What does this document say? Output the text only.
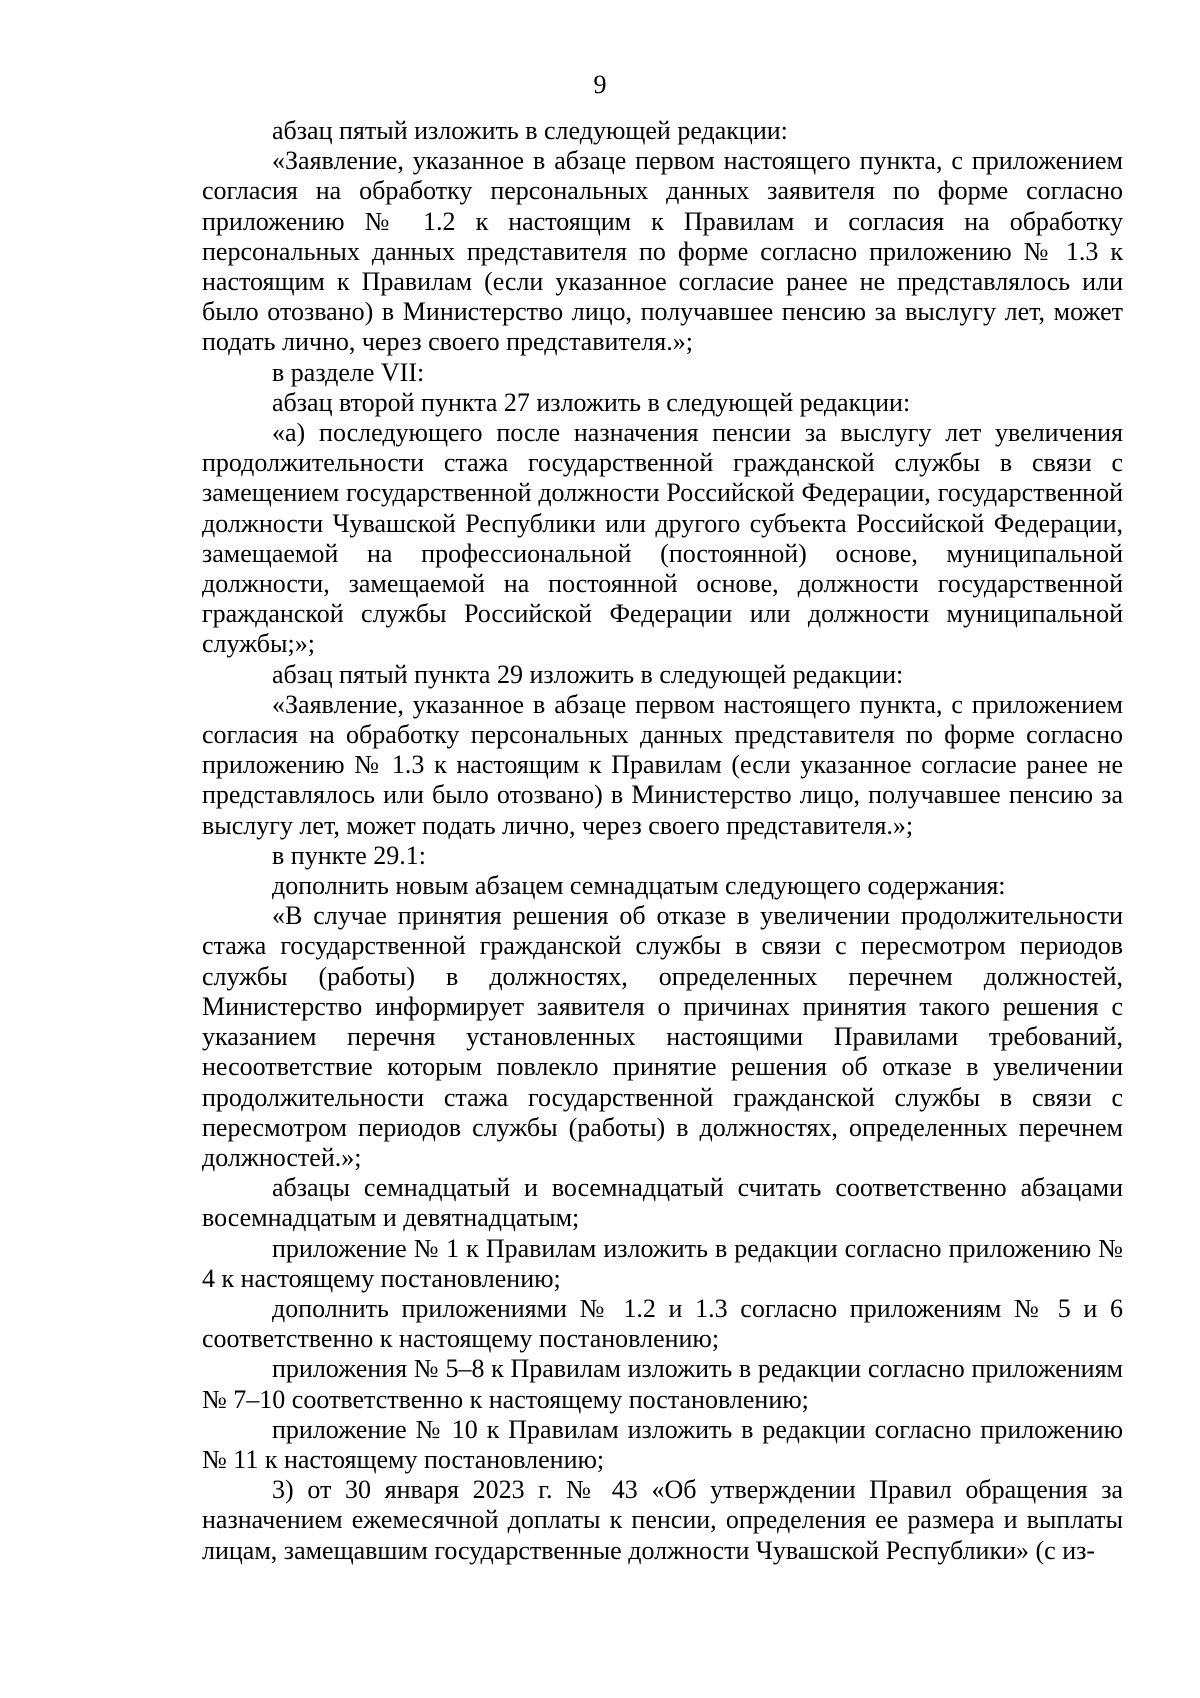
9

абзац пятый изложить в следующей редакции:

«Заявление, указанное в абзаце первом настоящего пункта, с приложением согласия на обработку персональных данных заявителя по форме согласно приложению № 1.2 к настоящим к Правилам и согласия на обработку персональных данных представителя по форме согласно приложению № 1.3 к настоящим к Правилам (если указанное согласие ранее не представлялось или было отозвано) в Министерство лицо, получавшее пенсию за выслугу лет, может подать лично, через своего представителя.»;

в разделе VII:

абзац второй пункта 27 изложить в следующей редакции:

«а) последующего после назначения пенсии за выслугу лет увеличения продолжительности стажа государственной гражданской службы в связи с замещением государственной должности Российской Федерации, государственной должности Чувашской Республики или другого субъекта Российской Федерации, замещаемой на профессиональной (постоянной) основе, муниципальной должности, замещаемой на постоянной основе, должности государственной гражданской службы Российской Федерации или должности муниципальной службы;»;

абзац пятый пункта 29 изложить в следующей редакции:

«Заявление, указанное в абзаце первом настоящего пункта, с приложением согласия на обработку персональных данных представителя по форме согласно приложению № 1.3 к настоящим к Правилам (если указанное согласие ранее не представлялось или было отозвано) в Министерство лицо, получавшее пенсию за выслугу лет, может подать лично, через своего представителя.»;

в пункте 29.1:

дополнить новым абзацем семнадцатым следующего содержания:

«В случае принятия решения об отказе в увеличении продолжительности стажа государственной гражданской службы в связи с пересмотром периодов службы (работы) в должностях, определенных перечнем должностей, Министерство информирует заявителя о причинах принятия такого решения с указанием перечня установленных настоящими Правилами требований, несоответствие которым повлекло принятие решения об отказе в увеличении продолжительности стажа государственной гражданской службы в связи с пересмотром периодов службы (работы) в должностях, определенных перечнем должностей.»;

абзацы семнадцатый и восемнадцатый считать соответственно абзацами восемнадцатым и девятнадцатым;

приложение № 1 к Правилам изложить в редакции согласно приложению № 4 к настоящему постановлению;

дополнить приложениями № 1.2 и 1.3 согласно приложениям № 5 и 6 соответственно к настоящему постановлению;

приложения № 5–8 к Правилам изложить в редакции согласно приложениям № 7–10 соответственно к настоящему постановлению;

приложение № 10 к Правилам изложить в редакции согласно приложению № 11 к настоящему постановлению;

3) от 30 января 2023 г. № 43 «Об утверждении Правил обращения за назначением ежемесячной доплаты к пенсии, определения ее размера и выплаты лицам, замещавшим государственные должности Чувашской Республики» (с из-
